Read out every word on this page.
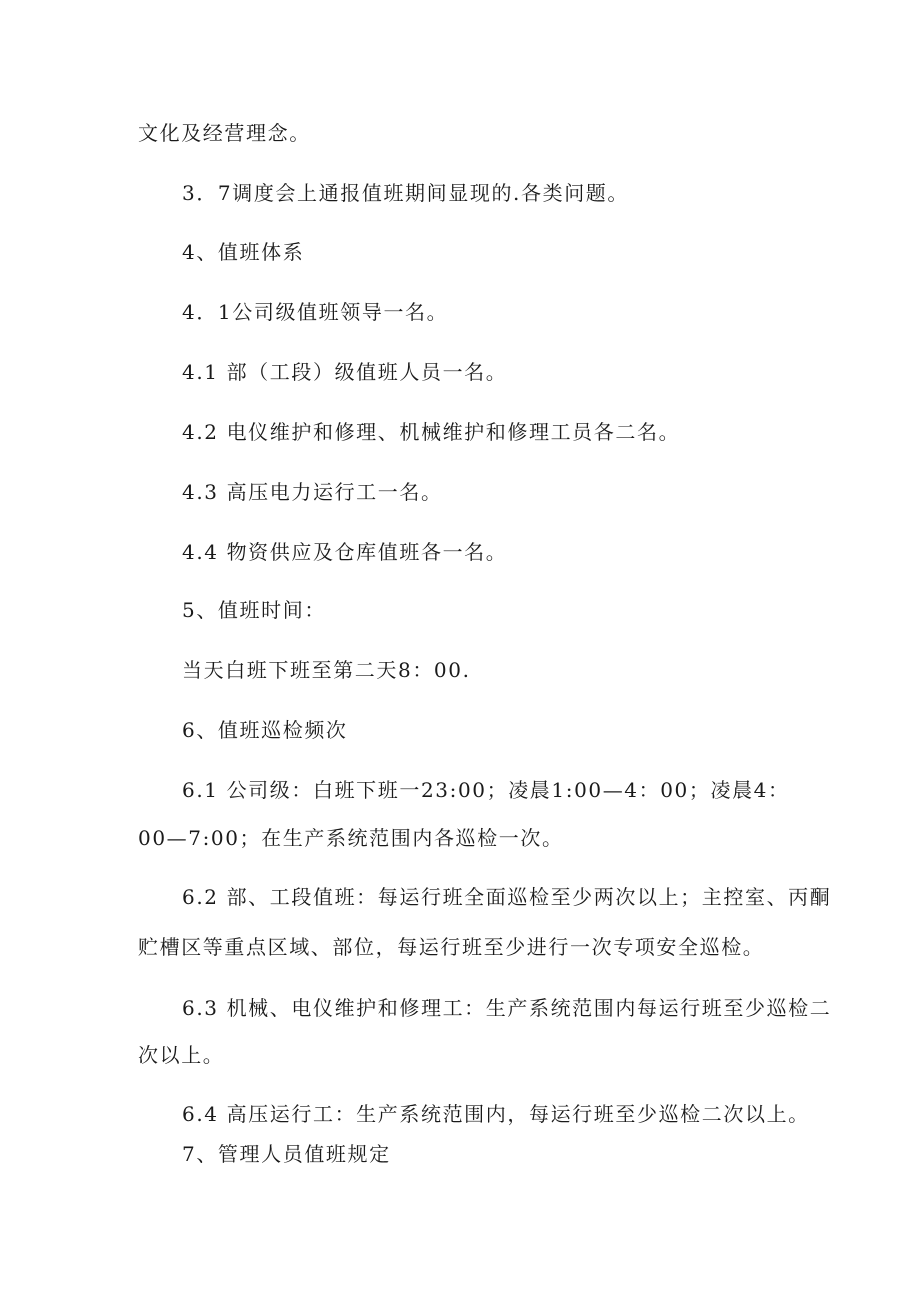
文化及经营理念。
3．7调度会上通报值班期间显现的.各类问题。
4、值班体系
4．1公司级值班领导一名。
4.1 部（工段）级值班人员一名。
4.2 电仪维护和修理、机械维护和修理工员各二名。
4.3 高压电力运行工一名。
4.4 物资供应及仓库值班各一名。
5、值班时间：
当天白班下班至第二天8：00.
6、值班巡检频次
6.1 公司级：白班下班一23:00；凌晨1:00—4：00；凌晨4：
00—7:00；在生产系统范围内各巡检一次。
6.2 部、工段值班：每运行班全面巡检至少两次以上；主控室、丙酮
贮槽区等重点区域、部位，每运行班至少进行一次专项安全巡检。
6.3 机械、电仪维护和修理工：生产系统范围内每运行班至少巡检二
次以上。
6.4 高压运行工：生产系统范围内，每运行班至少巡检二次以上。
7、管理人员值班规定
